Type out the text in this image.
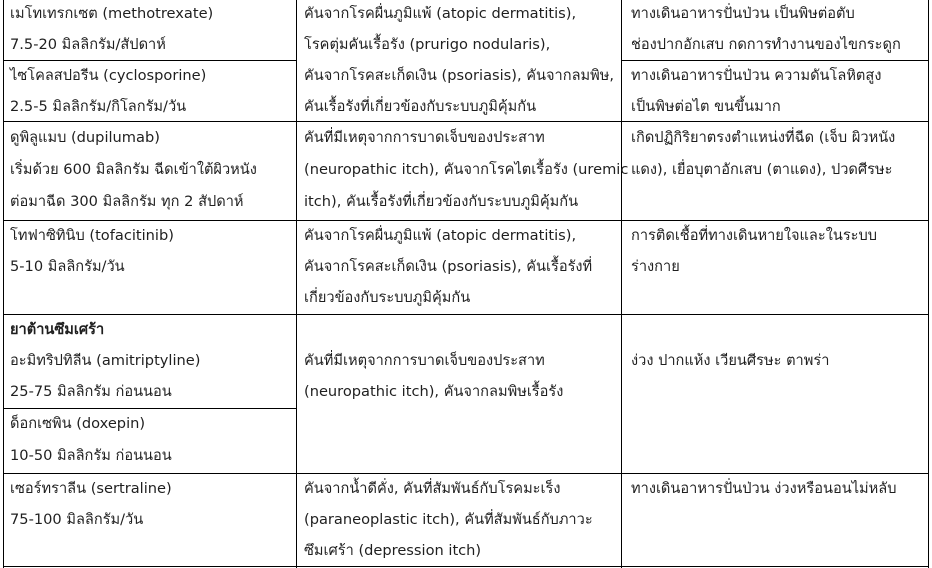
เมโทเทรกเซต (methotrexate)
7.5-20 มิลลิกรัม/สัปดาห์
คันจากโรคผื่นภูมิแพ้ (atopic dermatitis),
โรคตุ่มคันเรื้อรัง (prurigo nodularis),
คันจากโรคสะเก็ดเงิน (psoriasis), คันจากลมพิษ,
คันเรื้อรังที่เกี่ยวข้องกับระบบภูมิคุ้มกัน
ทางเดินอาหารปั่นป่วน เป็นพิษต่อตับ
ช่องปากอักเสบ กดการทำงานของไขกระดูก
ไซโคลสปอรีน (cyclosporine)
2.5-5 มิลลิกรัม/กิโลกรัม/วัน
ทางเดินอาหารปั่นป่วน ความดันโลหิตสูง
เป็นพิษต่อไต ขนขึ้นมาก
ดูพิลูแมบ (dupilumab)
เริ่มด้วย 600 มิลลิกรัม ฉีดเข้าใต้ผิวหนัง
ต่อมาฉีด 300 มิลลิกรัม ทุก 2 สัปดาห์
คันที่มีเหตุจากการบาดเจ็บของประสาท
(neuropathic itch), คันจากโรคไตเรื้อรัง (uremic
itch), คันเรื้อรังที่เกี่ยวข้องกับระบบภูมิคุ้มกัน
เกิดปฏิกิริยาตรงตำแหน่งที่ฉีด (เจ็บ ผิวหนัง
แดง), เยื่อบุตาอักเสบ (ตาแดง), ปวดศีรษะ
โทฟาซิทินิบ (tofacitinib)
5-10 มิลลิกรัม/วัน
คันจากโรคผื่นภูมิแพ้ (atopic dermatitis),
คันจากโรคสะเก็ดเงิน (psoriasis), คันเรื้อรังที่
เกี่ยวข้องกับระบบภูมิคุ้มกัน
การติดเชื้อที่ทางเดินหายใจและในระบบ
ร่างกาย
ยาต้านซึมเศร้า
อะมิทริปทิลีน (amitriptyline)
25-75 มิลลิกรัม ก่อนนอน
คันที่มีเหตุจากการบาดเจ็บของประสาท
(neuropathic itch), คันจากลมพิษเรื้อรัง
ง่วง ปากแห้ง เวียนศีรษะ ตาพร่า
ด็อกเซพิน (doxepin)
10-50 มิลลิกรัม ก่อนนอน
เซอร์ทราลีน (sertraline)
75-100 มิลลิกรัม/วัน
คันจากน้ำดีคั่ง, คันที่สัมพันธ์กับโรคมะเร็ง
(paraneoplastic itch), คันที่สัมพันธ์กับภาวะ
ซึมเศร้า (depression itch)
ทางเดินอาหารปั่นป่วน ง่วงหรือนอนไม่หลับ
